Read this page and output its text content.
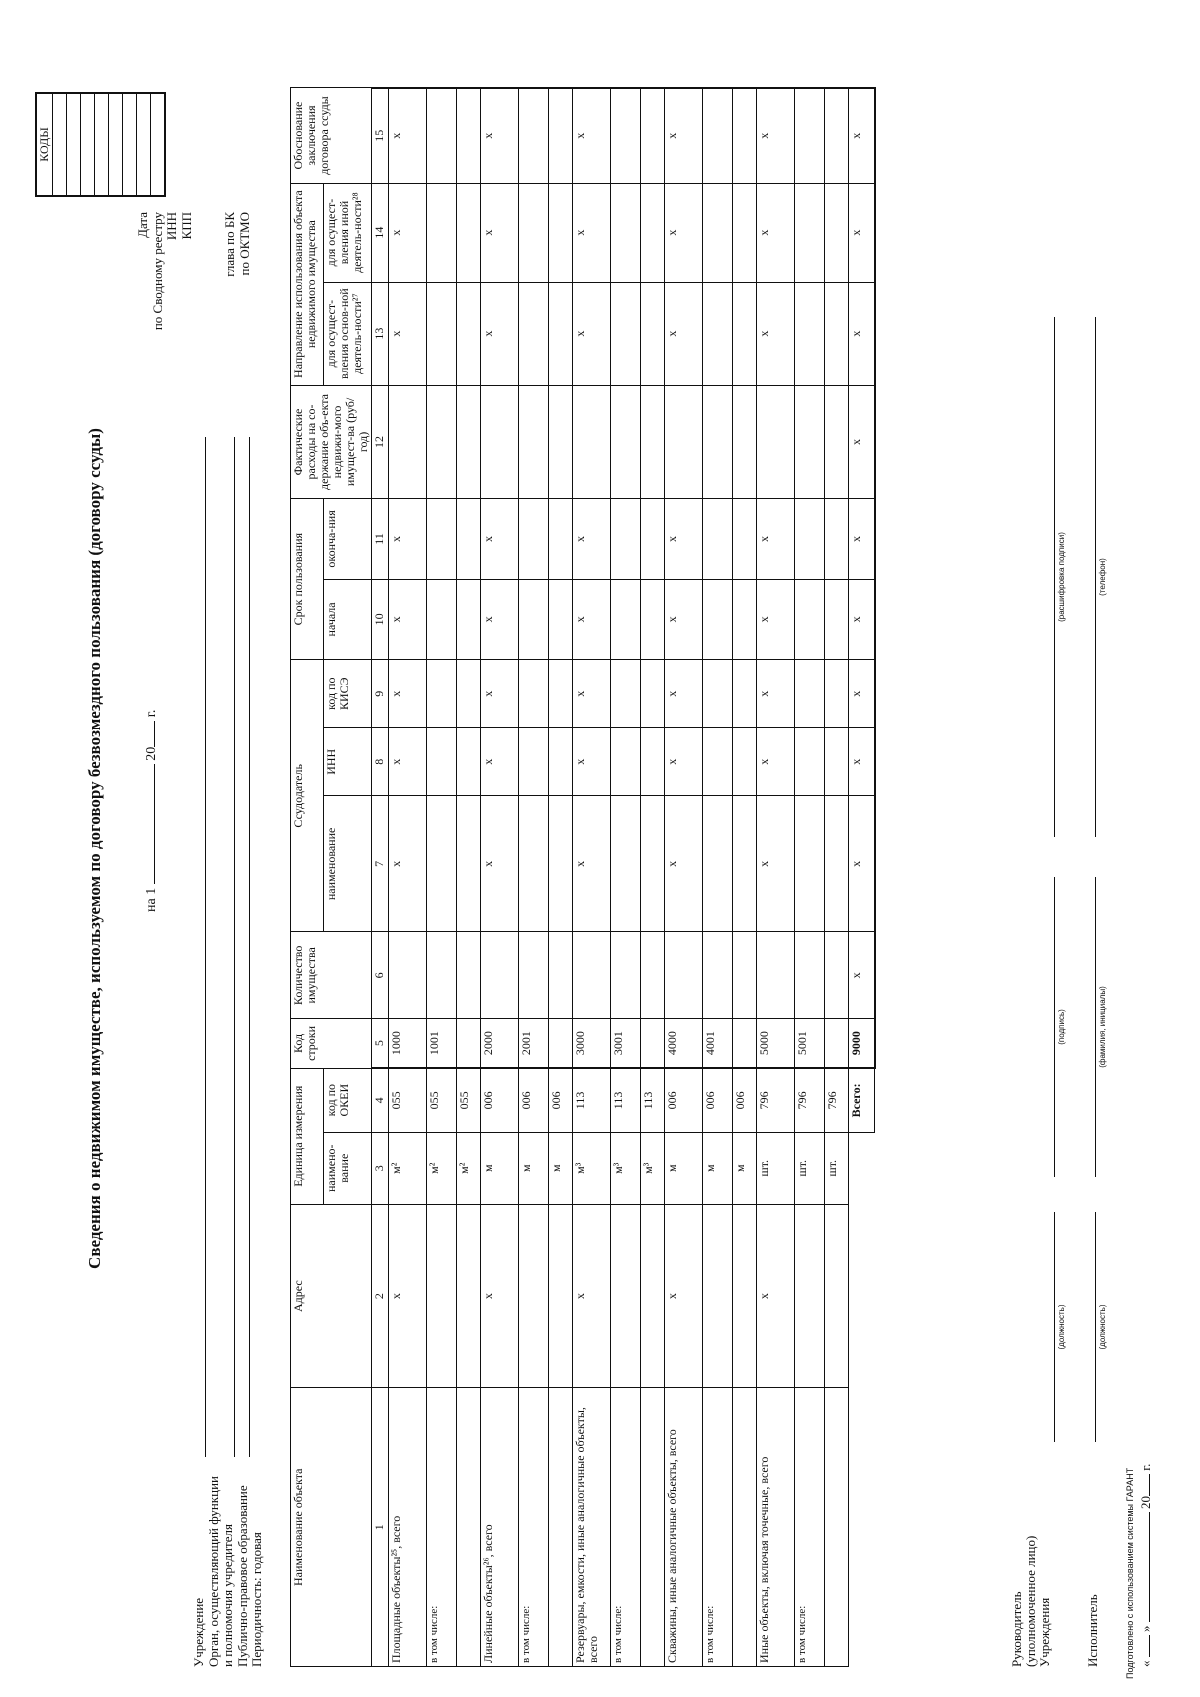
Подготовлено с использованием системы ГАРАНТ
Сведения о недвижимом имуществе, используемом по договору безвозмездного пользования (договору ссуды)	на 1  20 г.
Учреждение Орган, осуществляющий функции и полномочия учредителя Публично-правовое образование Периодичность: годовая
Дата по Сводному реестру ИНН КПП глава по БК по ОКТМО
КОДЫ

Наименование объекта	Адрес	Единица измерения		Код строки	Количество имущества	Ссудодатель			Срок пользования		Фактические расходы на со-держание объ-екта недвижи-мого имущест-ва (руб/год)	Направление использования объекта недвижимого имущества		Обоснование заключения договора ссуды
		наимено-вание	код по ОКЕИ			наименование	ИНН	код по КИСЭ	начала	оконча-ния		для осущест-вления основ-ной деятель-ности²⁷	для осущест-вления иной деятель-ности²⁸	
1	2	3	4	5	6	7	8	9	10	11	12	13	14	15
Площадные объекты²⁵, всего	x	м²	055	1000		x	x	x	x	x		x	x	x
в том числе:		м²	055	1001										
		м²	055											
Линейные объекты²⁶, всего	x	м	006	2000		x	x	x	x	x		x	x	x
в том числе:		м	006	2001										
		м	006											
Резервуары, емкости, иные аналогичные объекты, всего	x	м³	113	3000		x	x	x	x	x		x	x	x
в том числе:		м³	113	3001										
		м³	113											
Скважины, иные аналогичные объекты, всего	x	м	006	4000		x	x	x	x	x		x	x	x
в том числе:		м	006	4001										
		м	006											
Иные объекты, включая точечные, всего	x	шт.	796	5000		x	x	x	x	x		x	x	x
в том числе:		шт.	796	5001										
		шт.	796											
			Всего:	9000	x	x	x	x	x	x	x	x	x	x
Руководитель (уполномоченное лицо) Учреждения
(должность)
(подпись)
(расшифровка подписи)
Исполнитель
(должность)
(фамилия, инициалы)
(телефон)
«  »  20 г.
